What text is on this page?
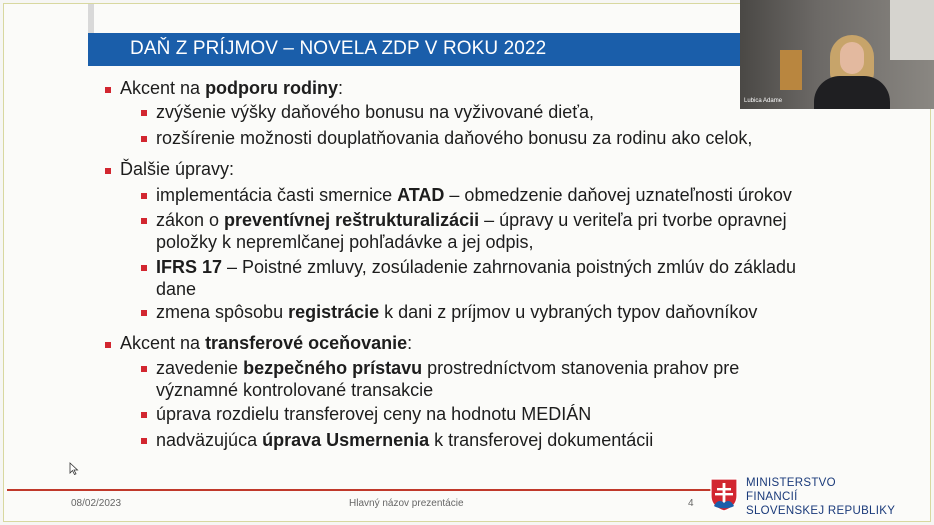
DAŇ Z PRÍJMOV – NOVELA ZDP V ROKU 2022
Akcent na podporu rodiny:
zvýšenie výšky daňového bonusu na vyživované dieťa,
rozšírenie možnosti douplatňovania daňového bonusu za rodinu ako celok,
Ďalšie úpravy:
implementácia časti smernice ATAD – obmedzenie daňovej uznateľnosti úrokov
zákon o preventívnej reštrukturalizácii – úpravy u veriteľa pri tvorbe opravnej
položky k nepremlčanej pohľadávke a jej odpis,
IFRS 17 – Poistné zmluvy, zosúladenie zahrnovania poistných zmlúv do základu
dane
zmena spôsobu registrácie k dani z príjmov u vybraných typov daňovníkov
Akcent na transferové oceňovanie:
zavedenie bezpečného prístavu prostredníctvom stanovenia prahov pre
významné kontrolované transakcie
úprava rozdielu transferovej ceny na hodnotu MEDIÁN
nadväzujúca úprava Usmernenia k transferovej dokumentácii
08/02/2023	Hlavný názov prezentácie	4
MINISTERSTVO
FINANCIÍ
SLOVENSKEJ REPUBLIKY
Lubica Adame
